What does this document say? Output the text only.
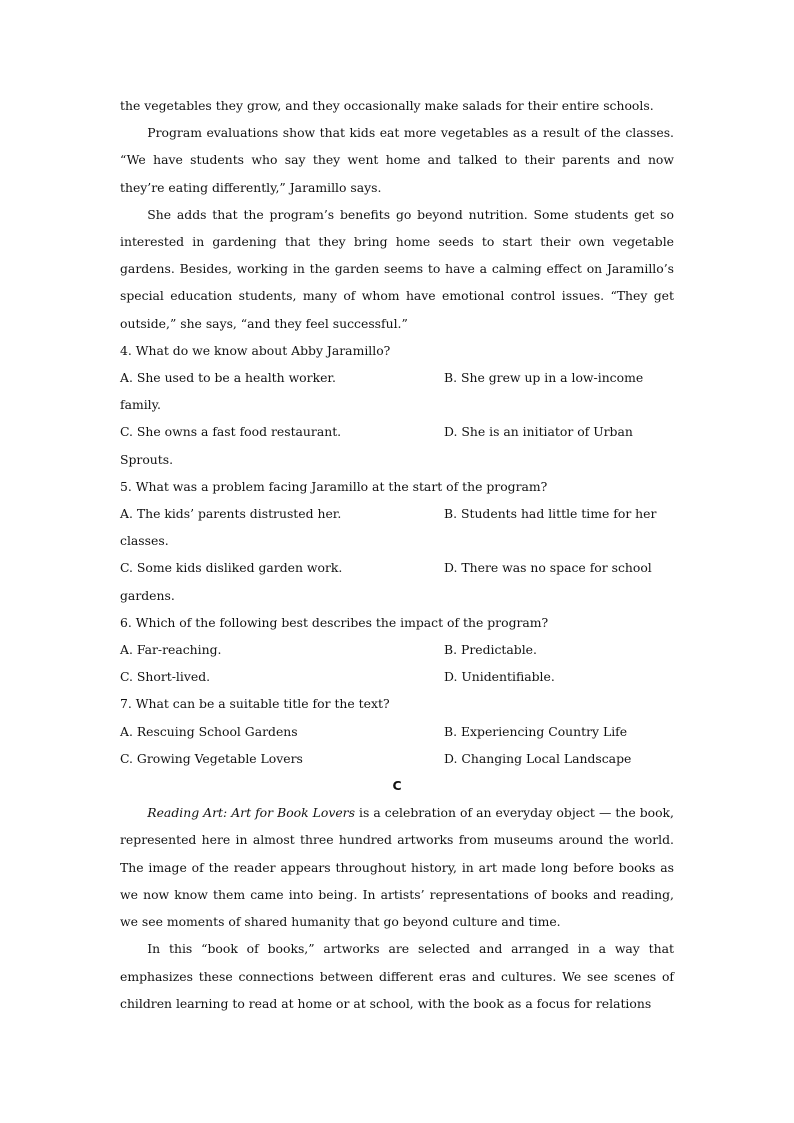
the vegetables they grow, and they occasionally make salads for their entire schools.

Program evaluations show that kids eat more vegetables as a result of the classes. “We have students who say they went home and talked to their parents and now they’re eating differently,” Jaramillo says.

She adds that the program’s benefits go beyond nutrition. Some students get so interested in gardening that they bring home seeds to start their own vegetable gardens. Besides, working in the garden seems to have a calming effect on Jaramillo’s special education students, many of whom have emotional control issues. “They get outside,” she says, “and they feel successful.”

4. What do we know about Abby Jaramillo?

A. She used to be a health worker.	B. She grew up in a low-income

family.

C. She owns a fast food restaurant.	D. She is an initiator of Urban

Sprouts.

5. What was a problem facing Jaramillo at the start of the program?

A. The kids’ parents distrusted her.	B. Students had little time for her

classes.

C. Some kids disliked garden work.	D. There was no space for school

gardens.

6. Which of the following best describes the impact of the program?

A. Far-reaching.	B. Predictable.
C. Short-lived.	D. Unidentifiable.

7. What can be a suitable title for the text?

A. Rescuing School Gardens	B. Experiencing Country Life
C. Growing Vegetable Lovers	D. Changing Local Landscape

C

Reading Art: Art for Book Lovers is a celebration of an everyday object — the book, represented here in almost three hundred artworks from museums around the world. The image of the reader appears throughout history, in art made long before books as we now know them came into being. In artists’ representations of books and reading, we see moments of shared humanity that go beyond culture and time.

In this “book of books,” artworks are selected and arranged in a way that emphasizes these connections between different eras and cultures. We see scenes of children learning to read at home or at school, with the book as a focus for relations
